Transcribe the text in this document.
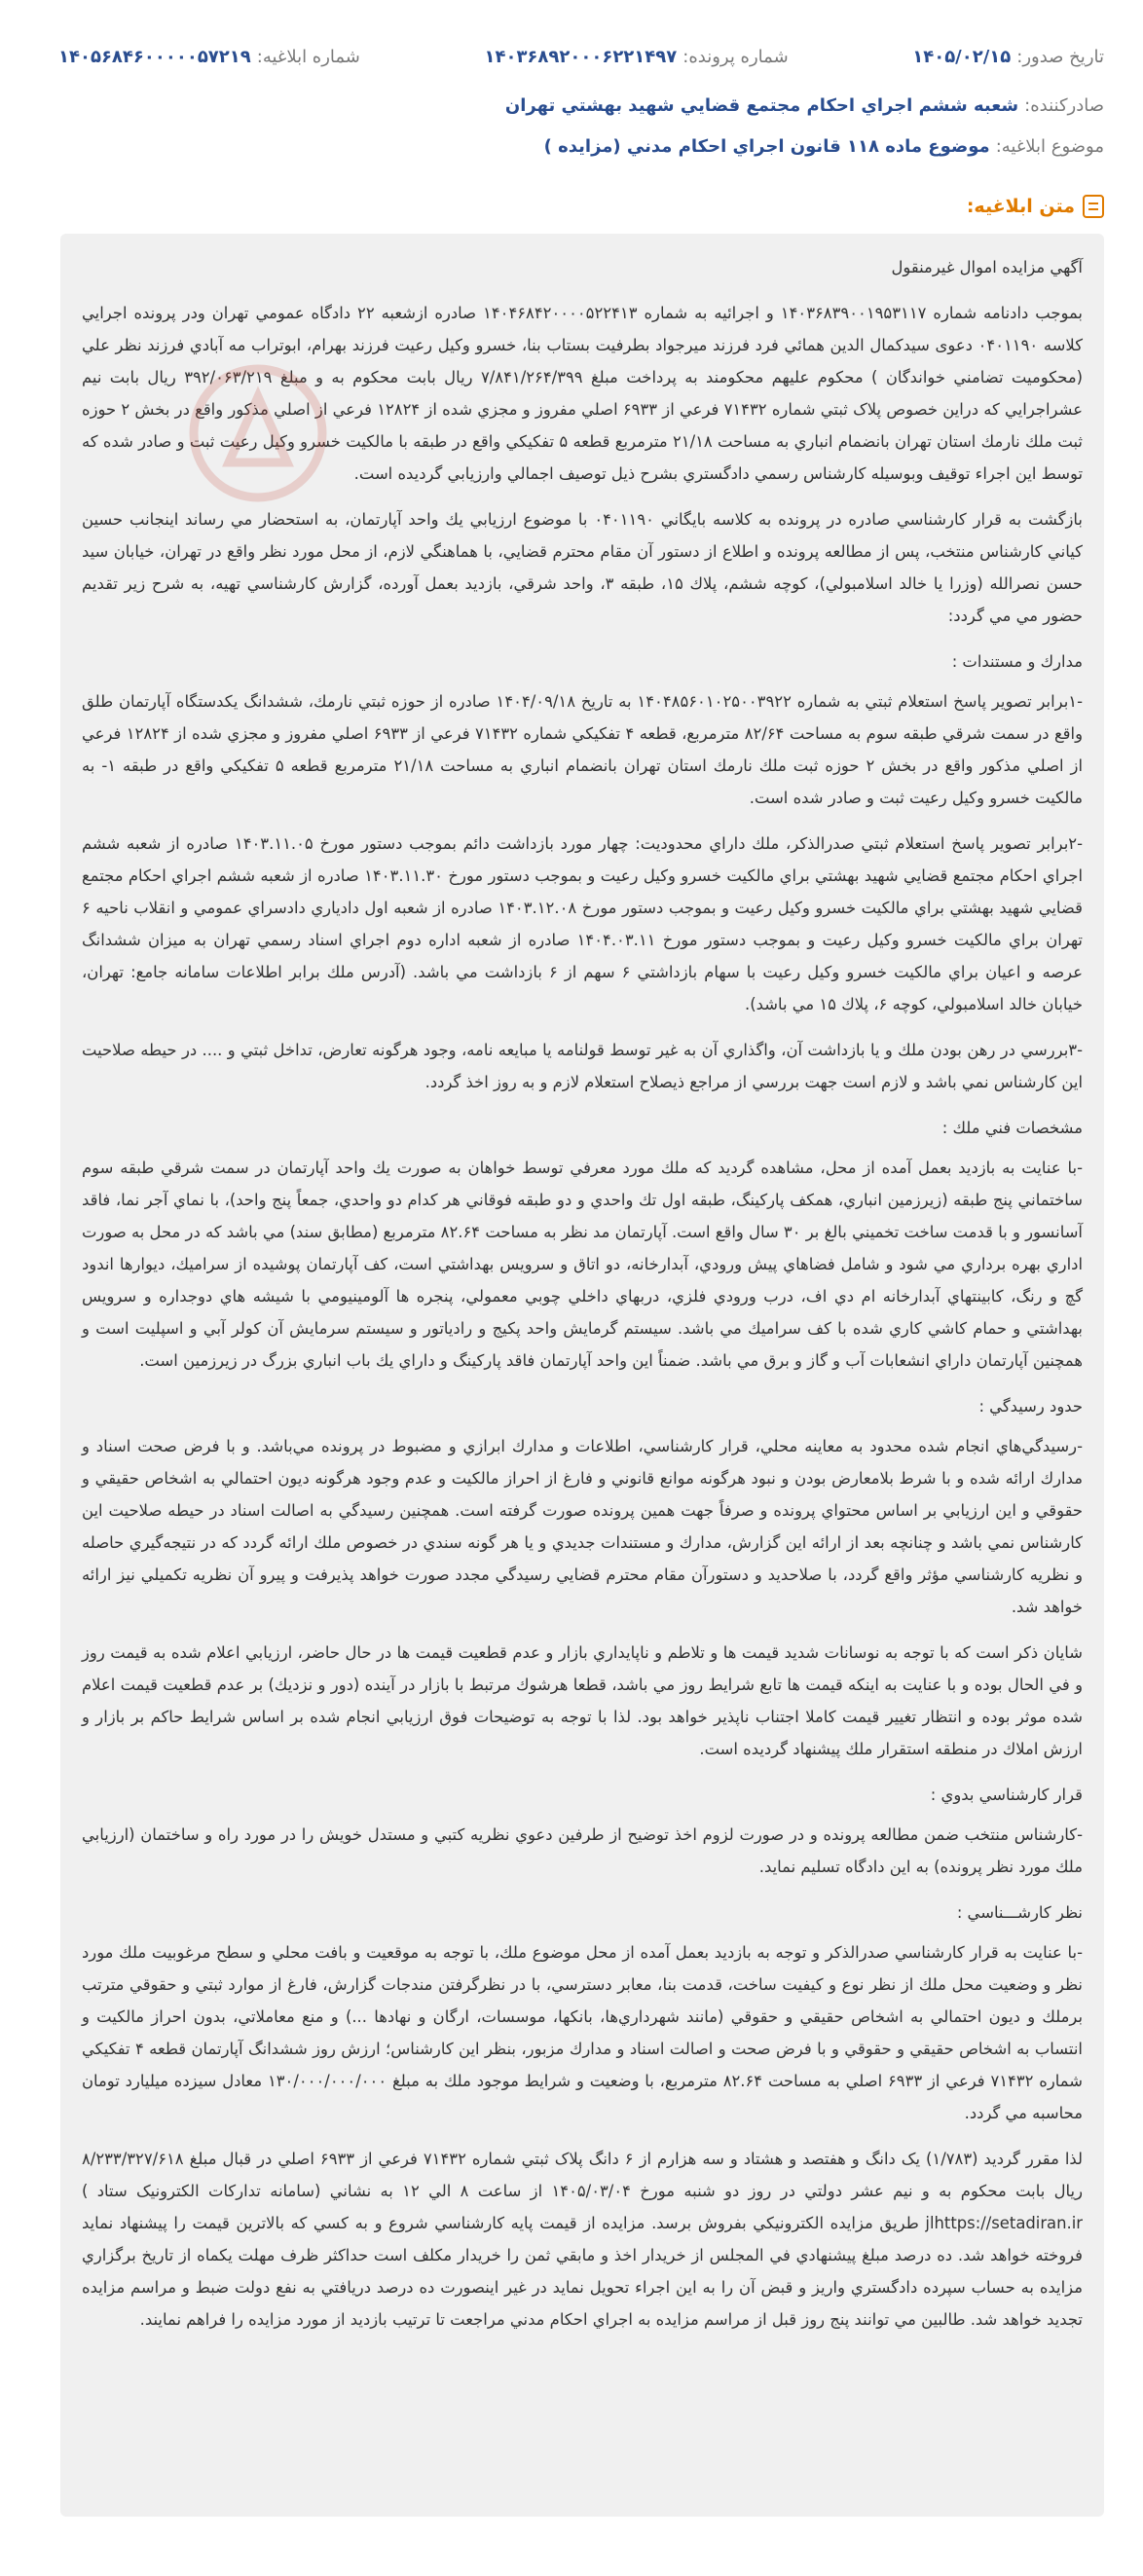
شماره ابلاغيه:
۱۴۰۵۶۸۴۶۰۰۰۰۰۵۷۲۱۹	شماره پرونده:
۱۴۰۳۶۸۹۲۰۰۰۶۲۲۱۴۹۷	تاريخ صدور:
۱۴۰۵/۰۲/۱۵
صادرکننده:
شعبه ششم اجراي احکام مجتمع قضايي شهيد بهشتي تهران
موضوع ابلاغيه:
موضوع ماده ۱۱۸ قانون اجراي احکام مدني (مزايده )
متن ابلاغيه:

آگهي مزايده اموال غيرمنقول

بموجب دادنامه شماره ۱۴۰۳۶۸۳۹۰۰۱۹۵۳۱۱۷ و اجرائيه به شماره ۱۴۰۴۶۸۴۲۰۰۰۰۵۲۲۴۱۳ صادره ازشعبه ۲۲ دادگاه عمومي تهران ودر پرونده اجرايي کلاسه ۰۴۰۱۱۹۰ دعوی سيدکمال الدين همائي فرد فرزند ميرجواد بطرفيت بستاب بنا، خسرو وکيل رعيت فرزند بهرام، ابوتراب مه آبادي فرزند نظر علي (محکوميت تضامني خواندگان ) محکوم عليهم محکومند به پرداخت مبلغ ۷/۸۴۱/۲۶۴/۳۹۹ ريال بابت محکوم به و مبلغ ۳۹۲/۰۶۳/۲۱۹ ريال بابت نيم عشراجرايي که دراين خصوص پلاک ثبتي شماره ۷۱۴۳۲ فرعي از ۶۹۳۳ اصلي مفروز و مجزي شده از ۱۲۸۲۴ فرعي از اصلي مذکور واقع در بخش ۲ حوزه ثبت ملك نارمك استان تهران بانضمام انباري به مساحت ۲۱/۱۸ مترمربع قطعه ۵ تفکيکي واقع در طبقه با مالکيت خسرو وکيل رعيت ثبت و صادر شده که توسط اين اجراء توقيف وبوسيله کارشناس رسمي دادگستري بشرح ذيل توصيف اجمالي وارزيابي گرديده است.

بازگشت به قرار کارشناسي صادره در پرونده به کلاسه بايگاني ۰۴۰۱۱۹۰ با موضوع ارزيابي يك واحد آپارتمان، به استحضار مي رساند اينجانب حسين کياني کارشناس منتخب، پس از مطالعه پرونده و اطلاع از دستور آن مقام محترم قضايي، با هماهنگي لازم، از محل مورد نظر واقع در تهران، خيابان سيد حسن نصرالله (وزرا يا خالد اسلامبولي)، کوچه ششم، پلاك ۱۵، طبقه ۳، واحد شرقي، بازديد بعمل آورده، گزارش کارشناسي تهيه، به شرح زير تقديم حضور مي مي گردد:

مدارك و مستندات :

-۱برابر تصوير پاسخ استعلام ثبتي به شماره ۱۴۰۴۸۵۶۰۱۰۲۵۰۰۳۹۲۲ به تاريخ ۱۴۰۴/۰۹/۱۸ صادره از حوزه ثبتي نارمك، ششدانگ يکدستگاه آپارتمان طلق واقع در سمت شرقي طبقه سوم به مساحت ۸۲/۶۴ مترمربع، قطعه ۴ تفکيکي شماره ۷۱۴۳۲ فرعي از ۶۹۳۳ اصلي مفروز و مجزي شده از ۱۲۸۲۴ فرعي از اصلي مذکور واقع در بخش ۲ حوزه ثبت ملك نارمك استان تهران بانضمام انباري به مساحت ۲۱/۱۸ مترمربع قطعه ۵ تفکيکي واقع در طبقه ۱- به مالکيت خسرو وکيل رعيت ثبت و صادر شده است.

-۲برابر تصوير پاسخ استعلام ثبتي صدرالذکر، ملك داراي محدوديت: چهار مورد بازداشت دائم بموجب دستور مورخ ۱۴۰۳.۱۱.۰۵ صادره از شعبه ششم اجراي احکام مجتمع قضايي شهيد بهشتي براي مالکيت خسرو وکيل رعيت و بموجب دستور مورخ ۱۴۰۳.۱۱.۳۰ صادره از شعبه ششم اجراي احکام مجتمع قضايي شهيد بهشتي براي مالکيت خسرو وکيل رعيت و بموجب دستور مورخ ۱۴۰۳.۱۲.۰۸ صادره از شعبه اول دادياري دادسراي عمومي و انقلاب ناحيه ۶ تهران براي مالکيت خسرو وکيل رعيت و بموجب دستور مورخ ۱۴۰۴.۰۳.۱۱ صادره از شعبه اداره دوم اجراي اسناد رسمي تهران به ميزان ششدانگ عرصه و اعيان براي مالکيت خسرو وکيل رعيت با سهام بازداشتي ۶ سهم از ۶ بازداشت مي باشد. (آدرس ملك برابر اطلاعات سامانه جامع: تهران، خيابان خالد اسلامبولي، کوچه ۶، پلاك ۱۵ مي باشد).

-۳بررسي در رهن بودن ملك و يا بازداشت آن، واگذاري آن به غير توسط قولنامه يا مبايعه نامه، وجود هرگونه تعارض، تداخل ثبتي و .... در حيطه صلاحيت اين کارشناس نمي باشد و لازم است جهت بررسي از مراجع ذيصلاح استعلام لازم و به روز اخذ گردد.

مشخصات فني ملك :

-با عنايت به بازديد بعمل آمده از محل، مشاهده گرديد که ملك مورد معرفي توسط خواهان به صورت يك واحد آپارتمان در سمت شرقي طبقه سوم ساختماني پنج طبقه (زيرزمين انباري، همکف پارکينگ، طبقه اول تك واحدي و دو طبقه فوقاني هر کدام دو واحدي، جمعاً پنج واحد)، با نماي آجر نما، فاقد آسانسور و با قدمت ساخت تخميني بالغ بر ۳۰ سال واقع است. آپارتمان مد نظر به مساحت ۸۲.۶۴ مترمربع (مطابق سند) مي باشد که در محل به صورت اداري بهره برداري مي شود و شامل فضاهاي پيش ورودي، آبدارخانه، دو اتاق و سرويس بهداشتي است، کف آپارتمان پوشيده از سراميك، ديوارها اندود گچ و رنگ، کابينتهاي آبدارخانه ام دي اف، درب ورودي فلزي، دربهاي داخلي چوبي معمولي، پنجره ها آلومينيومي با شيشه هاي دوجداره و سرويس بهداشتي و حمام کاشي کاري شده با کف سراميك مي باشد. سيستم گرمايش واحد پکيج و رادياتور و سيستم سرمايش آن کولر آبي و اسپليت است و همچنين آپارتمان داراي انشعابات آب و گاز و برق مي باشد. ضمناً اين واحد آپارتمان فاقد پارکينگ و داراي يك باب انباري بزرگ در زيرزمين است.

حدود رسيدگي :

-رسيدگي‌هاي انجام شده محدود به معاينه محلي، قرار کارشناسي، اطلاعات و مدارك ابرازي و مضبوط در پرونده مي‌باشد. و با فرض صحت اسناد و مدارك ارائه شده و با شرط بلامعارض بودن و نبود هرگونه موانع قانوني و فارغ از احراز مالکيت و عدم وجود هرگونه ديون احتمالي به اشخاص حقيقي و حقوقي و اين ارزيابي بر اساس محتواي پرونده و صرفاً جهت همين پرونده صورت گرفته است. همچنين رسيدگي به اصالت اسناد در حيطه صلاحيت اين کارشناس نمي باشد و چنانچه بعد از ارائه اين گزارش، مدارك و مستندات جديدي و يا هر گونه سندي در خصوص ملك ارائه گردد که در نتيجه‌گيري حاصله و نظريه کارشناسي مؤثر واقع گردد، با صلاحديد و دستورآن مقام محترم قضايي رسيدگي مجدد صورت خواهد پذيرفت و پيرو آن نظريه تکميلي نيز ارائه خواهد شد.

شايان ذکر است که با توجه به نوسانات شديد قيمت ها و تلاطم و ناپايداري بازار و عدم قطعيت قيمت ها در حال حاضر، ارزيابي اعلام شده به قيمت روز و في الحال بوده و با عنايت به اينکه قيمت ها تابع شرايط روز مي باشد، قطعا هرشوك مرتبط با بازار در آينده (دور و نزديك) بر عدم قطعيت قيمت اعلام شده موثر بوده و انتظار تغيير قيمت کاملا اجتناب ناپذير خواهد بود. لذا با توجه به توضيحات فوق ارزيابي انجام شده بر اساس شرايط حاکم بر بازار و ارزش املاك در منطقه استقرار ملك پيشنهاد گرديده است.

قرار کارشناسي بدوي :

-کارشناس منتخب ضمن مطالعه پرونده و در صورت لزوم اخذ توضيح از طرفين دعوي نظريه کتبي و مستدل خويش را در مورد راه و ساختمان (ارزيابي ملك مورد نظر پرونده) به اين دادگاه تسليم نمايد.

نظر کارشـــناسي :

-با عنايت به قرار کارشناسي صدرالذکر و توجه به بازديد بعمل آمده از محل موضوع ملك، با توجه به موقعيت و بافت محلي و سطح مرغوبيت ملك مورد نظر و وضعيت محل ملك از نظر نوع و کيفيت ساخت، قدمت بنا، معابر دسترسي، با در نظرگرفتن مندجات گزارش، فارغ از موارد ثبتي و حقوقي مترتب برملك و ديون احتمالي به اشخاص حقيقي و حقوقي (مانند شهرداري‌ها، بانکها، موسسات، ارگان و نهادها ...) و منع معاملاتي، بدون احراز مالکيت و انتساب به اشخاص حقيقي و حقوقي و با فرض صحت و اصالت اسناد و مدارك مزبور، بنظر اين کارشناس؛ ارزش روز ششدانگ آپارتمان قطعه ۴ تفکيکي شماره ۷۱۴۳۲ فرعي از ۶۹۳۳ اصلي به مساحت ۸۲.۶۴ مترمربع، با وضعيت و شرايط موجود ملك به مبلغ ۱۳۰/۰۰۰/۰۰۰/۰۰۰ معادل سيزده ميليارد تومان محاسبه مي گردد.

لذا مقرر گرديد (۱/۷۸۳) يک دانگ و هفتصد و هشتاد و سه هزارم از ۶ دانگ پلاک ثبتي شماره ۷۱۴۳۲ فرعي از ۶۹۳۳ اصلي در قبال مبلغ ۸/۲۳۳/۳۲۷/۶۱۸ ريال بابت محکوم به و نيم عشر دولتي در روز دو شنبه مورخ ۱۴۰۵/۰۳/۰۴ از ساعت ۸ الي ۱۲ به نشاني (سامانه تدارکات الکترونيک ستاد ) jlhttps://setadiran.ir طريق مزايده الکترونيکي بفروش برسد. مزايده از قيمت پايه کارشناسي شروع و به کسي که بالاترين قيمت را پيشنهاد نمايد فروخته خواهد شد. ده درصد مبلغ پيشنهادي في المجلس از خريدار اخذ و مابقي ثمن را خريدار مکلف است حداکثر ظرف مهلت يکماه از تاريخ برگزاري مزايده به حساب سپرده دادگستري واريز و قبض آن را به اين اجراء تحويل نمايد در غير اينصورت ده درصد دريافتي به نفع دولت ضبط و مراسم مزايده تجديد خواهد شد. طالبين مي توانند پنج روز قبل از مراسم مزايده به اجراي احکام مدني مراجعت تا ترتيب بازديد از مورد مزايده را فراهم نمايند.
